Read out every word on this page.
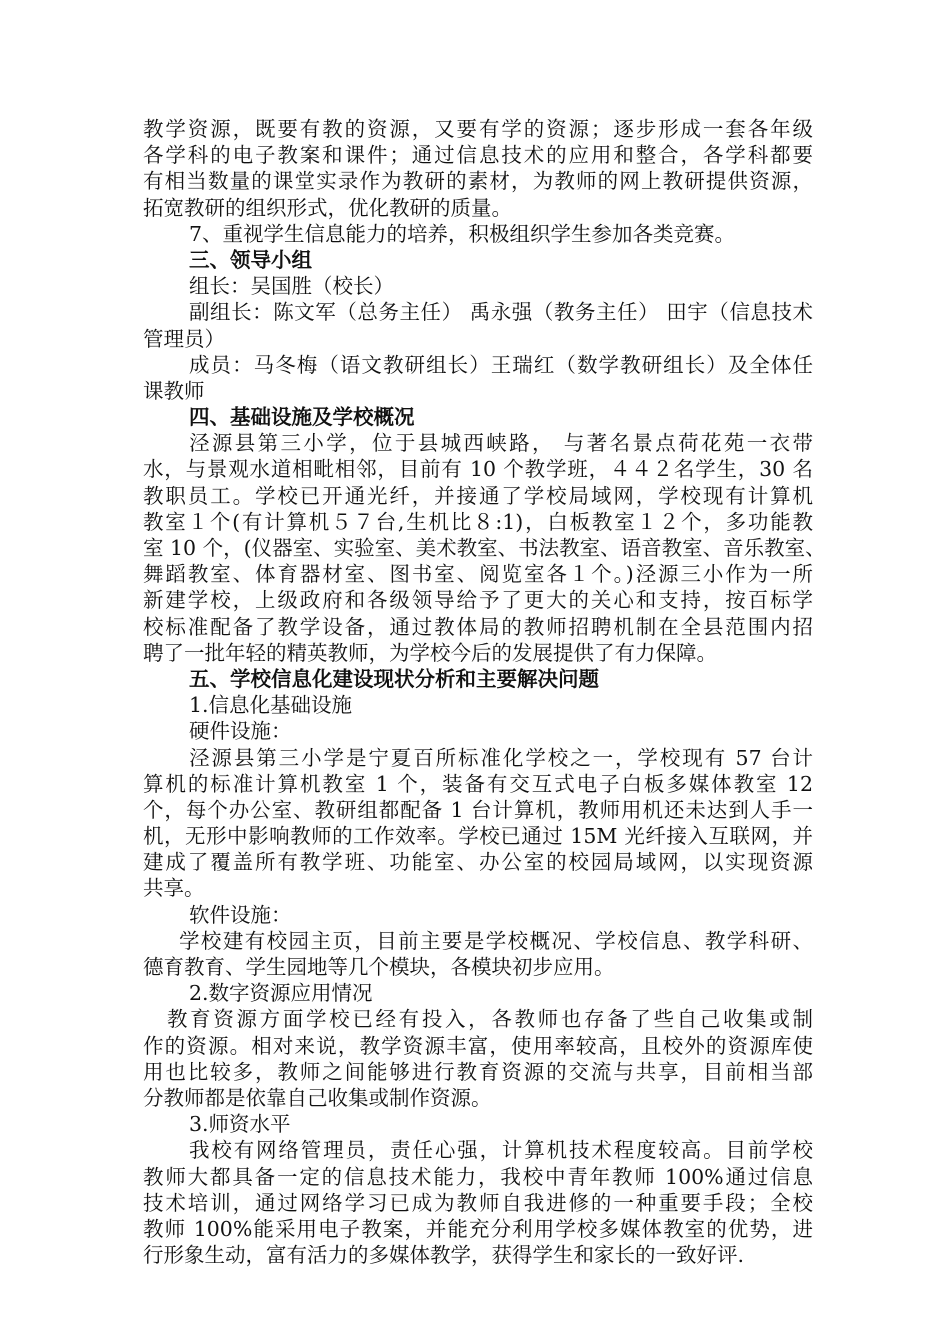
教学资源，既要有教的资源，又要有学的资源；逐步形成一套各年级
各学科的电子教案和课件；通过信息技术的应用和整合，各学科都要
有相当数量的课堂实录作为教研的素材，为教师的网上教研提供资源，
拓宽教研的组织形式，优化教研的质量。
7、重视学生信息能力的培养，积极组织学生参加各类竞赛。
三、领导小组
组长：吴国胜（校长）
副组长：陈文军（总务主任） 禹永强（教务主任） 田宇（信息技术
管理员）
成员：马冬梅（语文教研组长）王瑞红（数学教研组长）及全体任
课教师
四、基础设施及学校概况
泾源县第三小学，位于县城西峡路， 与著名景点荷花苑一衣带
水，与景观水道相毗相邻，目前有 10 个教学班，４４２名学生，30 名
教职员工。学校已开通光纤，并接通了学校局域网，学校现有计算机
教室１个(有计算机５７台,生机比８:1)，白板教室１２个，多功能教
室 10 个，(仪器室、实验室、美术教室、书法教室、语音教室、音乐教室、
舞蹈教室、体育器材室、图书室、阅览室各１个。)泾源三小作为一所
新建学校，上级政府和各级领导给予了更大的关心和支持，按百标学
校标准配备了教学设备，通过教体局的教师招聘机制在全县范围内招
聘了一批年轻的精英教师，为学校今后的发展提供了有力保障。
五、学校信息化建设现状分析和主要解决问题
1.信息化基础设施
硬件设施：
泾源县第三小学是宁夏百所标准化学校之一，学校现有 57 台计
算机的标准计算机教室 1 个，装备有交互式电子白板多媒体教室 12
个，每个办公室、教研组都配备 1 台计算机，教师用机还未达到人手一
机，无形中影响教师的工作效率。学校已通过 15M 光纤接入互联网，并
建成了覆盖所有教学班、功能室、办公室的校园局域网，以实现资源
共享。
软件设施：
学校建有校园主页，目前主要是学校概况、学校信息、教学科研、
德育教育、学生园地等几个模块，各模块初步应用。
2.数字资源应用情况
教育资源方面学校已经有投入，各教师也存备了些自己收集或制
作的资源。相对来说，教学资源丰富，使用率较高，且校外的资源库使
用也比较多，教师之间能够进行教育资源的交流与共享，目前相当部
分教师都是依靠自己收集或制作资源。
3.师资水平
我校有网络管理员，责任心强，计算机技术程度较高。目前学校
教师大都具备一定的信息技术能力，我校中青年教师 100%通过信息
技术培训，通过网络学习已成为教师自我进修的一种重要手段；全校
教师 100%能采用电子教案，并能充分利用学校多媒体教室的优势，进
行形象生动，富有活力的多媒体教学，获得学生和家长的一致好评.
